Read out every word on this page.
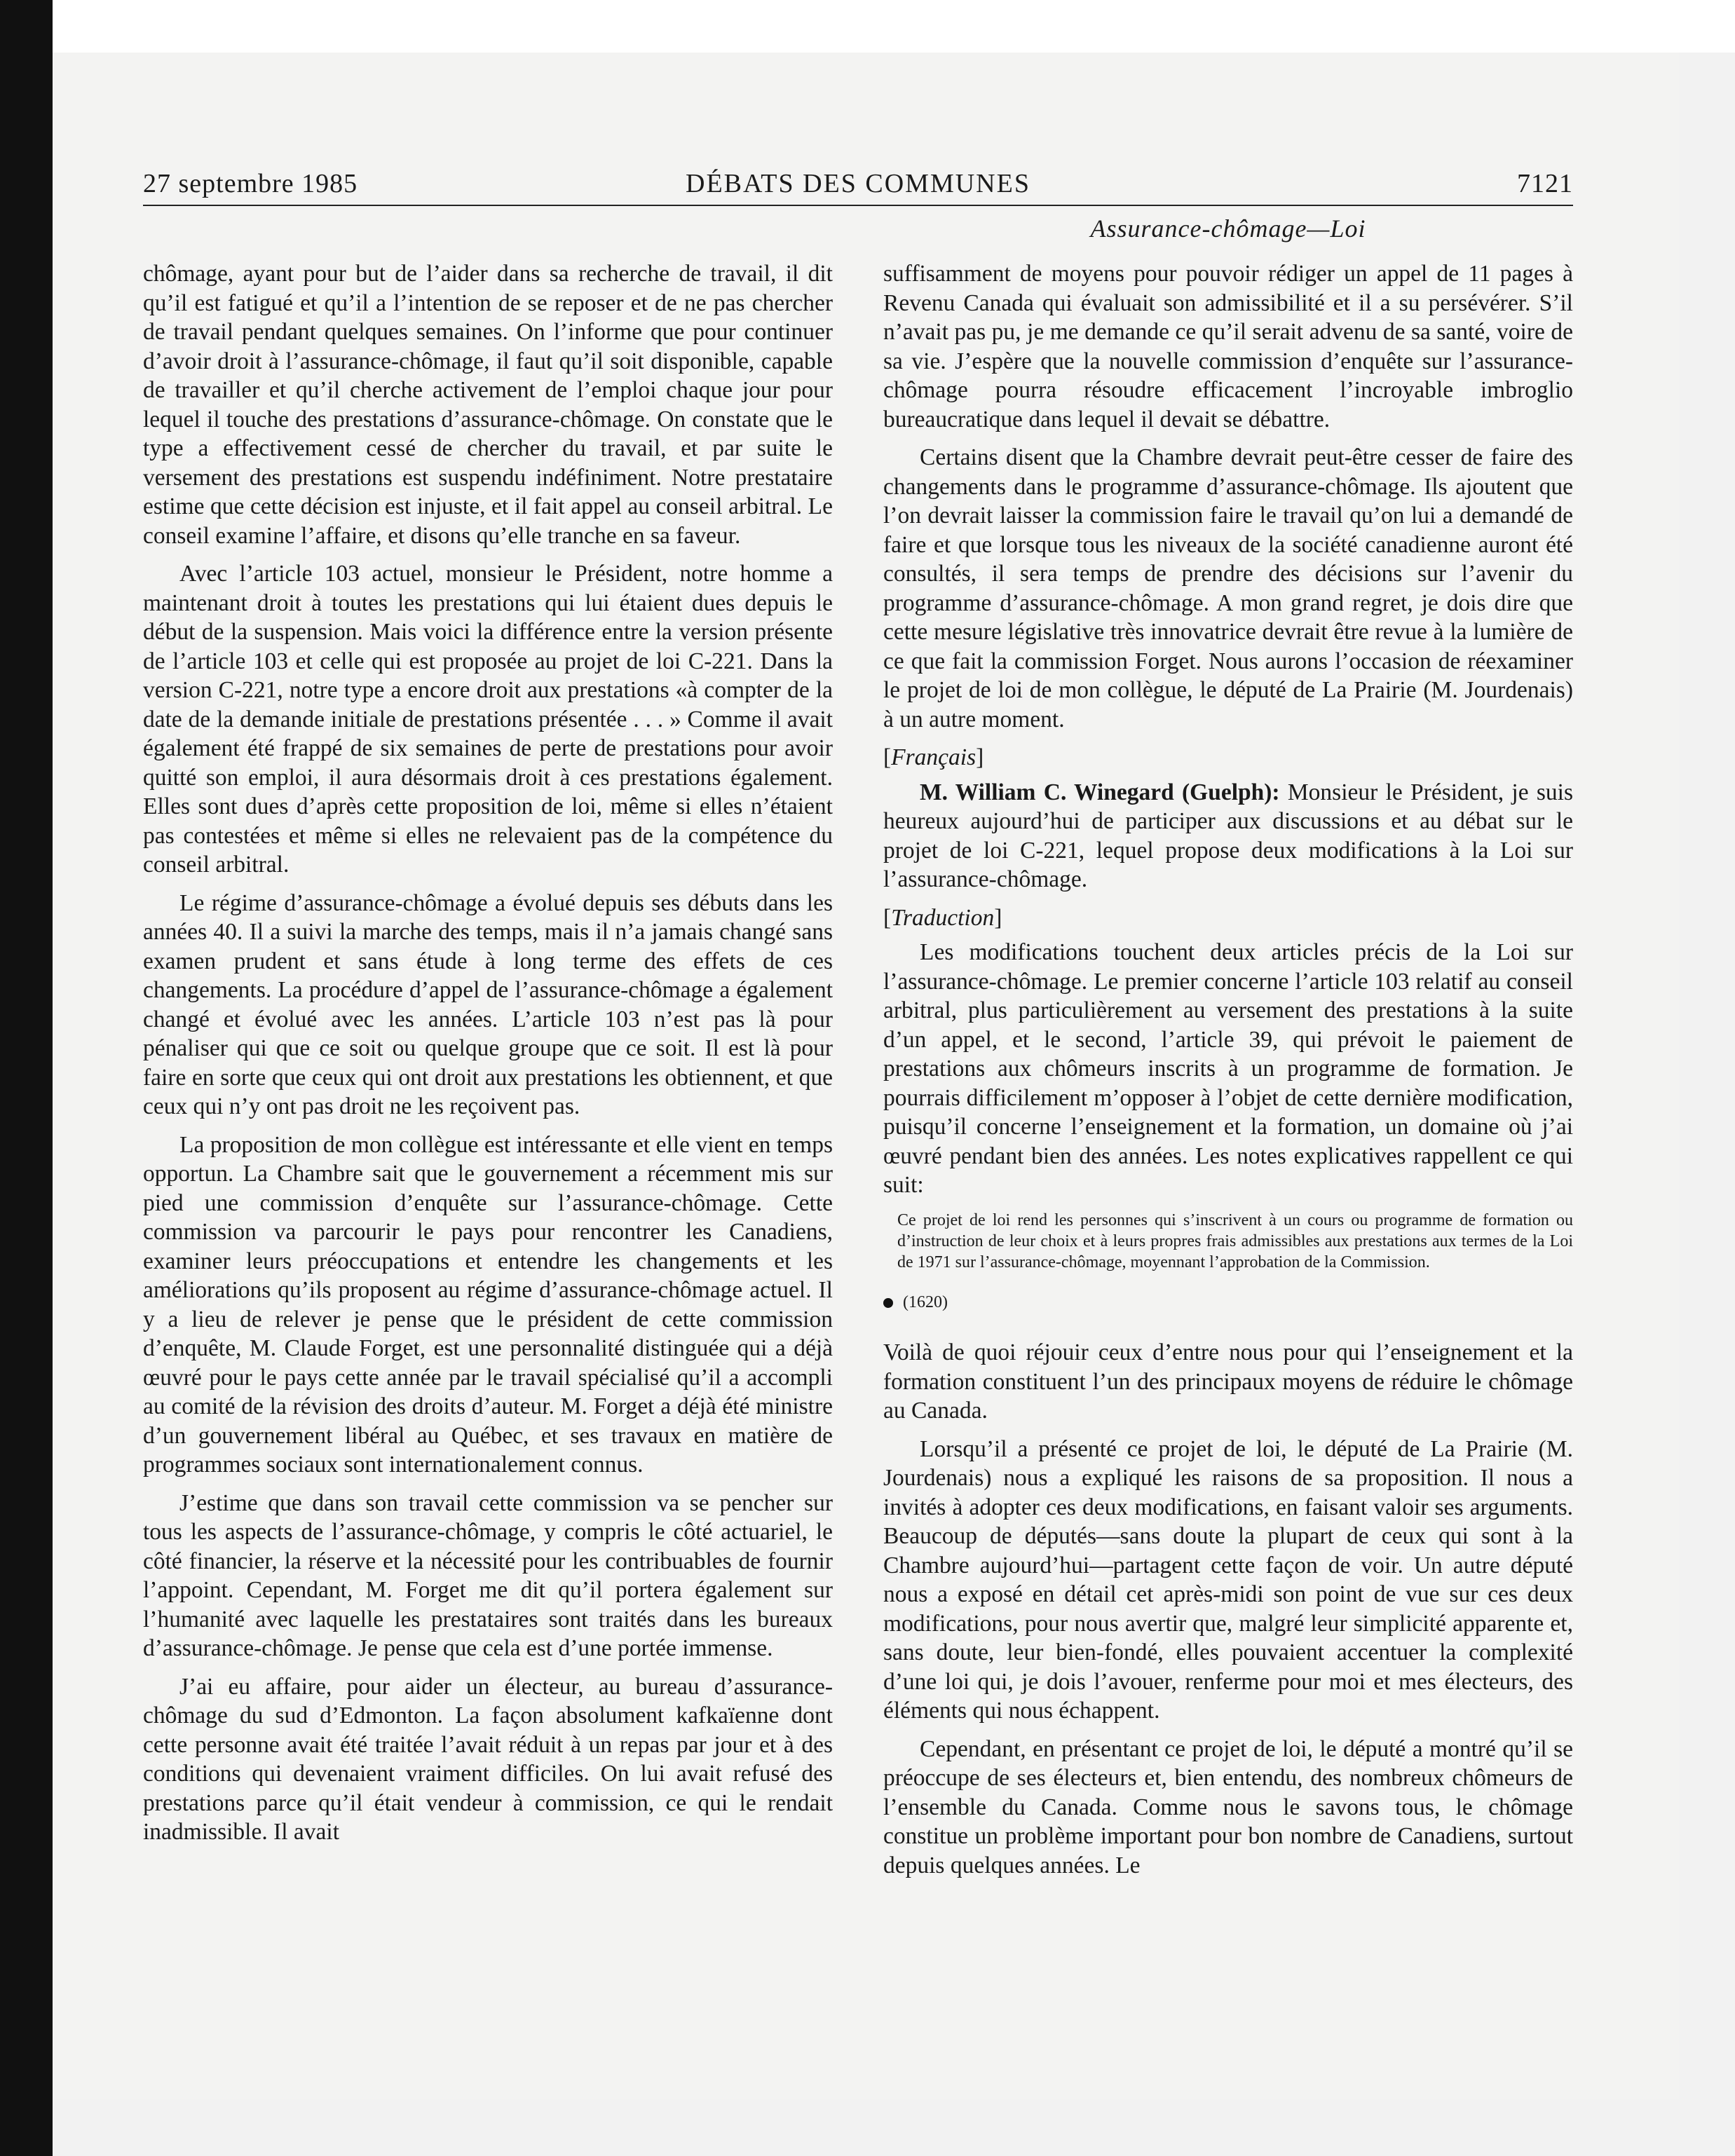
27 septembre 1985	DÉBATS DES COMMUNES	7121
Assurance-chômage—Loi

chômage, ayant pour but de l’aider dans sa recherche de travail, il dit qu’il est fatigué et qu’il a l’intention de se reposer et de ne pas chercher de travail pendant quelques semaines. On l’informe que pour continuer d’avoir droit à l’assurance-chômage, il faut qu’il soit disponible, capable de travailler et qu’il cherche activement de l’emploi chaque jour pour lequel il touche des prestations d’assurance-chômage. On constate que le type a effectivement cessé de chercher du travail, et par suite le versement des prestations est suspendu indéfiniment. Notre prestataire estime que cette décision est injuste, et il fait appel au conseil arbitral. Le conseil examine l’affaire, et disons qu’elle tranche en sa faveur.

Avec l’article 103 actuel, monsieur le Président, notre homme a maintenant droit à toutes les prestations qui lui étaient dues depuis le début de la suspension. Mais voici la différence entre la version présente de l’article 103 et celle qui est proposée au projet de loi C-221. Dans la version C-221, notre type a encore droit aux prestations «à compter de la date de la demande initiale de prestations présentée . . . » Comme il avait également été frappé de six semaines de perte de prestations pour avoir quitté son emploi, il aura désormais droit à ces prestations également. Elles sont dues d’après cette proposition de loi, même si elles n’étaient pas contestées et même si elles ne relevaient pas de la compétence du conseil arbitral.

Le régime d’assurance-chômage a évolué depuis ses débuts dans les années 40. Il a suivi la marche des temps, mais il n’a jamais changé sans examen prudent et sans étude à long terme des effets de ces changements. La procédure d’appel de l’assurance-chômage a également changé et évolué avec les années. L’article 103 n’est pas là pour pénaliser qui que ce soit ou quelque groupe que ce soit. Il est là pour faire en sorte que ceux qui ont droit aux prestations les obtiennent, et que ceux qui n’y ont pas droit ne les reçoivent pas.

La proposition de mon collègue est intéressante et elle vient en temps opportun. La Chambre sait que le gouvernement a récemment mis sur pied une commission d’enquête sur l’assurance-chômage. Cette commission va parcourir le pays pour rencontrer les Canadiens, examiner leurs préoccupations et entendre les changements et les améliorations qu’ils proposent au régime d’assurance-chômage actuel. Il y a lieu de relever je pense que le président de cette commission d’enquête, M. Claude Forget, est une personnalité distinguée qui a déjà œuvré pour le pays cette année par le travail spécialisé qu’il a accompli au comité de la révision des droits d’auteur. M. Forget a déjà été ministre d’un gouvernement libéral au Québec, et ses travaux en matière de programmes sociaux sont internationalement connus.

J’estime que dans son travail cette commission va se pencher sur tous les aspects de l’assurance-chômage, y compris le côté actuariel, le côté financier, la réserve et la nécessité pour les contribuables de fournir l’appoint. Cependant, M. Forget me dit qu’il portera également sur l’humanité avec laquelle les prestataires sont traités dans les bureaux d’assurance-chômage. Je pense que cela est d’une portée immense.

J’ai eu affaire, pour aider un électeur, au bureau d’assurance-chômage du sud d’Edmonton. La façon absolument kafkaïenne dont cette personne avait été traitée l’avait réduit à un repas par jour et à des conditions qui devenaient vraiment difficiles. On lui avait refusé des prestations parce qu’il était vendeur à commission, ce qui le rendait inadmissible. Il avait

suffisamment de moyens pour pouvoir rédiger un appel de 11 pages à Revenu Canada qui évaluait son admissibilité et il a su persévérer. S’il n’avait pas pu, je me demande ce qu’il serait advenu de sa santé, voire de sa vie. J’espère que la nouvelle commission d’enquête sur l’assurance-chômage pourra résoudre efficacement l’incroyable imbroglio bureaucratique dans lequel il devait se débattre.

Certains disent que la Chambre devrait peut-être cesser de faire des changements dans le programme d’assurance-chômage. Ils ajoutent que l’on devrait laisser la commission faire le travail qu’on lui a demandé de faire et que lorsque tous les niveaux de la société canadienne auront été consultés, il sera temps de prendre des décisions sur l’avenir du programme d’assurance-chômage. A mon grand regret, je dois dire que cette mesure législative très innovatrice devrait être revue à la lumière de ce que fait la commission Forget. Nous aurons l’occasion de réexaminer le projet de loi de mon collègue, le député de La Prairie (M. Jourdenais) à un autre moment.

[Français]

M. William C. Winegard (Guelph): Monsieur le Président, je suis heureux aujourd’hui de participer aux discussions et au débat sur le projet de loi C-221, lequel propose deux modifications à la Loi sur l’assurance-chômage.

[Traduction]

Les modifications touchent deux articles précis de la Loi sur l’assurance-chômage. Le premier concerne l’article 103 relatif au conseil arbitral, plus particulièrement au versement des prestations à la suite d’un appel, et le second, l’article 39, qui prévoit le paiement de prestations aux chômeurs inscrits à un programme de formation. Je pourrais difficilement m’opposer à l’objet de cette dernière modification, puisqu’il concerne l’enseignement et la formation, un domaine où j’ai œuvré pendant bien des années. Les notes explicatives rappellent ce qui suit:

Ce projet de loi rend les personnes qui s’inscrivent à un cours ou programme de formation ou d’instruction de leur choix et à leurs propres frais admissibles aux prestations aux termes de la Loi de 1971 sur l’assurance-chômage, moyennant l’approbation de la Commission.
(1620)

Voilà de quoi réjouir ceux d’entre nous pour qui l’enseignement et la formation constituent l’un des principaux moyens de réduire le chômage au Canada.

Lorsqu’il a présenté ce projet de loi, le député de La Prairie (M. Jourdenais) nous a expliqué les raisons de sa proposition. Il nous a invités à adopter ces deux modifications, en faisant valoir ses arguments. Beaucoup de députés—sans doute la plupart de ceux qui sont à la Chambre aujourd’hui—partagent cette façon de voir. Un autre député nous a exposé en détail cet après-midi son point de vue sur ces deux modifications, pour nous avertir que, malgré leur simplicité apparente et, sans doute, leur bien-fondé, elles pouvaient accentuer la complexité d’une loi qui, je dois l’avouer, renferme pour moi et mes électeurs, des éléments qui nous échappent.

Cependant, en présentant ce projet de loi, le député a montré qu’il se préoccupe de ses électeurs et, bien entendu, des nombreux chômeurs de l’ensemble du Canada. Comme nous le savons tous, le chômage constitue un problème important pour bon nombre de Canadiens, surtout depuis quelques années. Le
